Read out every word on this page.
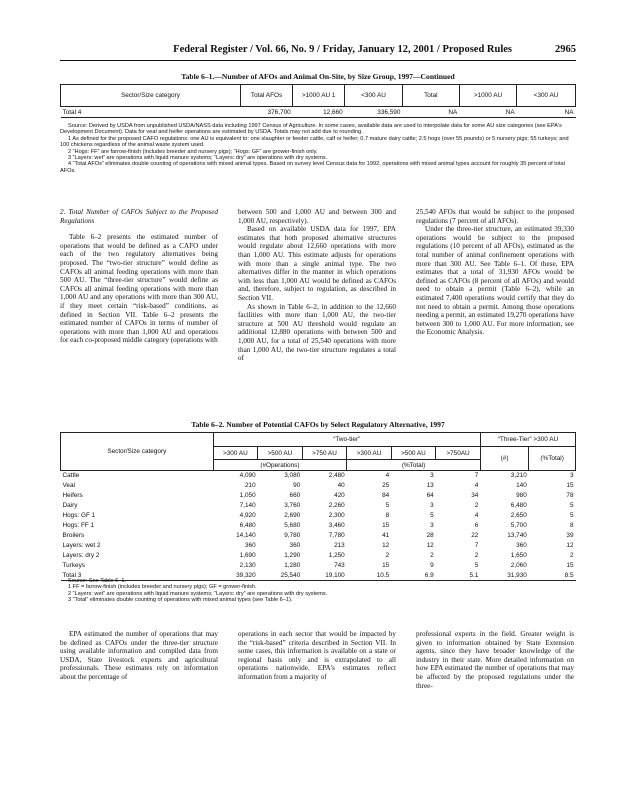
Federal Register / Vol. 66, No. 9 / Friday, January 12, 2001 / Proposed Rules	2965
Table 6–1.—Number of AFOs and Animal On-Site, by Size Group, 1997—Continued
Sector/Size category	Total AFOs	>1000 AU 1	<300 AU	Total	>1000 AU	<300 AU
Total 4	376,700	12,660	336,590	NA	NA	NA

Source: Derived by USDA from unpublished USDA/NASS data including 1997 Census of Agriculture. In some cases, available data are used to interpolate data for some AU size categories (see EPA's Development Document). Data for veal and heifer operations are estimated by USDA. Totals may not add due to rounding.

1 As defined for the proposed CAFO regulations: one AU is equivalent to: one slaughter or feeder cattle, calf or heifer; 0.7 mature dairy cattle; 2.5 hogs (over 55 pounds) or 5 nursery pigs; 55 turkeys; and 100 chickens regardless of the animal waste system used.

2 “Hogs: FF” are farrow-finish (includes breeder and nursery pigs); “Hogs: GF” are grower-finish only.

3 “Layers: wet” are operations with liquid manure systems; “Layers: dry” are operations with dry systems.

4 “Total AFOs” eliminates double counting of operations with mixed animal types. Based on survey level Census data for 1992, operations with mixed animal types account for roughly 35 percent of total AFOs.

2. Total Number of CAFOs Subject to the Proposed Regulations

Table 6–2 presents the estimated number of operations that would be defined as a CAFO under each of the two regulatory alternatives being proposed. The “two-tier structure” would define as CAFOs all animal feeding operations with more than 500 AU. The “three-tier structure” would define as CAFOs all animal feeding operations with more than 1,000 AU and any operations with more than 300 AU, if they meet certain “risk-based” conditions, as defined in Section VII. Table 6–2 presents the estimated number of CAFOs in terms of number of operations with more than 1,000 AU and operations for each co-proposed middle category (operations with

between 500 and 1,000 AU and between 300 and 1,000 AU, respectively).

Based on available USDA data for 1997, EPA estimates that both proposed alternative structures would regulate about 12,660 operations with more than 1,000 AU. This estimate adjusts for operations with more than a single animal type. The two alternatives differ in the manner in which operations with less than 1,000 AU would be defined as CAFOs and, therefore, subject to regulation, as described in Section VII.

As shown in Table 6–2, in addition to the 12,660 facilities with more than 1,000 AU, the two-tier structure at 500 AU threshold would regulate an additional 12,880 operations with between 500 and 1,000 AU, for a total of 25,540 operations with more than 1,000 AU, the two-tier structure regulates a total of

25,540 AFOs that would be subject to the proposed regulations (7 percent of all AFOs).

Under the three-tier structure, an estimated 39,330 operations would be subject to the proposed regulations (10 percent of all AFOs), estimated as the total number of animal confinement operations with more than 300 AU. See Table 6–1. Of these, EPA estimates that a total of 31,930 AFOs would be defined as CAFOs (8 percent of all AFOs) and would need to obtain a permit (Table 6–2), while an estimated 7,400 operations would certify that they do not need to obtain a permit. Among those operations needing a permit, an estimated 19,270 operations have between 300 to 1,000 AU. For more information, see the Economic Analysis.

Table 6–2. Number of Potential CAFOs by Select Regulatory Alternative, 1997
Sector/Size category	“Two-tier”						“Three-Tier” >300 AU	
	>300 AU	>500 AU	>750 AU	>300 AU	>500 AU	>750AU	(#)	(%Total)
	(#Operations)			(%Total)				
Cattle	4,090	3,080	2,480	4	3	7	3,210	3
Veal	210	90	40	25	13	4	140	15
Heifers	1,050	660	420	84	64	34	980	78
Dairy	7,140	3,760	2,260	5	3	2	6,480	5
Hogs: GF 1	4,920	2,690	2,300	8	5	4	2,650	5
Hogs: FF 1	6,480	5,680	3,460	15	3	6	5,700	8
Broilers	14,140	9,780	7,780	41	28	22	13,740	39
Layers: wet 2	360	360	213	12	12	7	360	12
Layers: dry 2	1,690	1,290	1,250	2	2	2	1,650	2
Turkeys	2,130	1,280	743	15	9	5	2,060	15
Total 3	39,320	25,540	19,100	10.5	6.9	5.1	31,930	8.5

Source: See Table 6–1.

1 FF = farrow-finish (includes breeder and nursery pigs); GF = grower-finish.

2 “Layers: wet” are operations with liquid manure systems; “Layers: dry” are operations with dry systems.

3 “Total” eliminates double counting of operations with mixed animal types (see Table 6–1).

EPA estimated the number of operations that may be defined as CAFOs under the three-tier structure using available information and compiled data from USDA, State livestock experts and agricultural professionals. These estimates rely on information about the percentage of

operations in each sector that would be impacted by the “risk-based” criteria described in Section VII. In some cases, this information is available on a state or regional basis only and is extrapolated to all operations nationwide. EPA's estimates reflect information from a majority of

professional experts in the field. Greater weight is given to information obtained by State Extension agents, since they have broader knowledge of the industry in their state. More detailed information on how EPA estimated the number of operations that may be affected by the proposed regulations under the three-
